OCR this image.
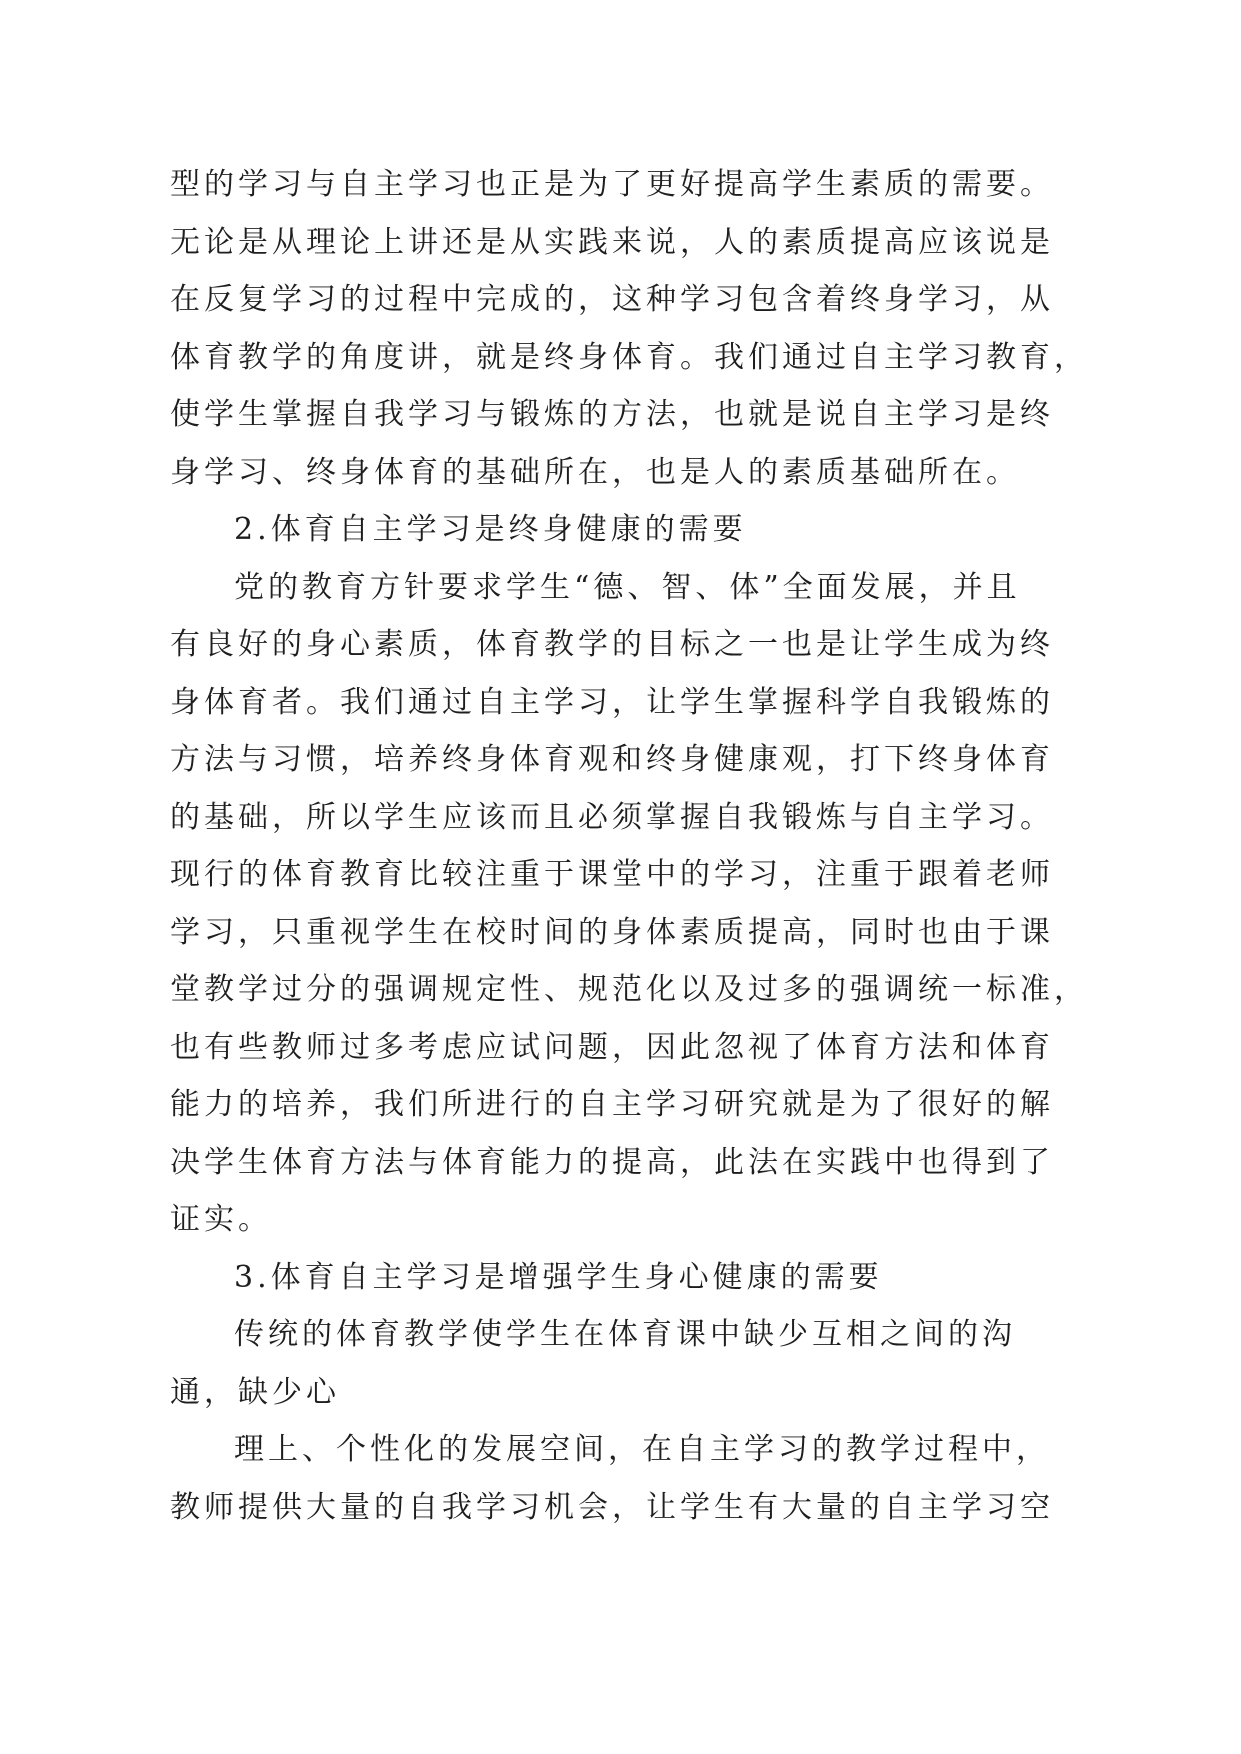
型的学习与自主学习也正是为了更好提高学生素质的需要。
无论是从理论上讲还是从实践来说，人的素质提高应该说是
在反复学习的过程中完成的，这种学习包含着终身学习，从
体育教学的角度讲，就是终身体育。我们通过自主学习教育，
使学生掌握自我学习与锻炼的方法，也就是说自主学习是终
身学习、终身体育的基础所在，也是人的素质基础所在。
2.体育自主学习是终身健康的需要
党的教育方针要求学生“德、智、体”全面发展，并且
有良好的身心素质，体育教学的目标之一也是让学生成为终
身体育者。我们通过自主学习，让学生掌握科学自我锻炼的
方法与习惯，培养终身体育观和终身健康观，打下终身体育
的基础，所以学生应该而且必须掌握自我锻炼与自主学习。
现行的体育教育比较注重于课堂中的学习，注重于跟着老师
学习，只重视学生在校时间的身体素质提高，同时也由于课
堂教学过分的强调规定性、规范化以及过多的强调统一标准，
也有些教师过多考虑应试问题，因此忽视了体育方法和体育
能力的培养，我们所进行的自主学习研究就是为了很好的解
决学生体育方法与体育能力的提高，此法在实践中也得到了
证实。
3.体育自主学习是增强学生身心健康的需要
传统的体育教学使学生在体育课中缺少互相之间的沟
通，缺少心
理上、个性化的发展空间，在自主学习的教学过程中，
教师提供大量的自我学习机会，让学生有大量的自主学习空
